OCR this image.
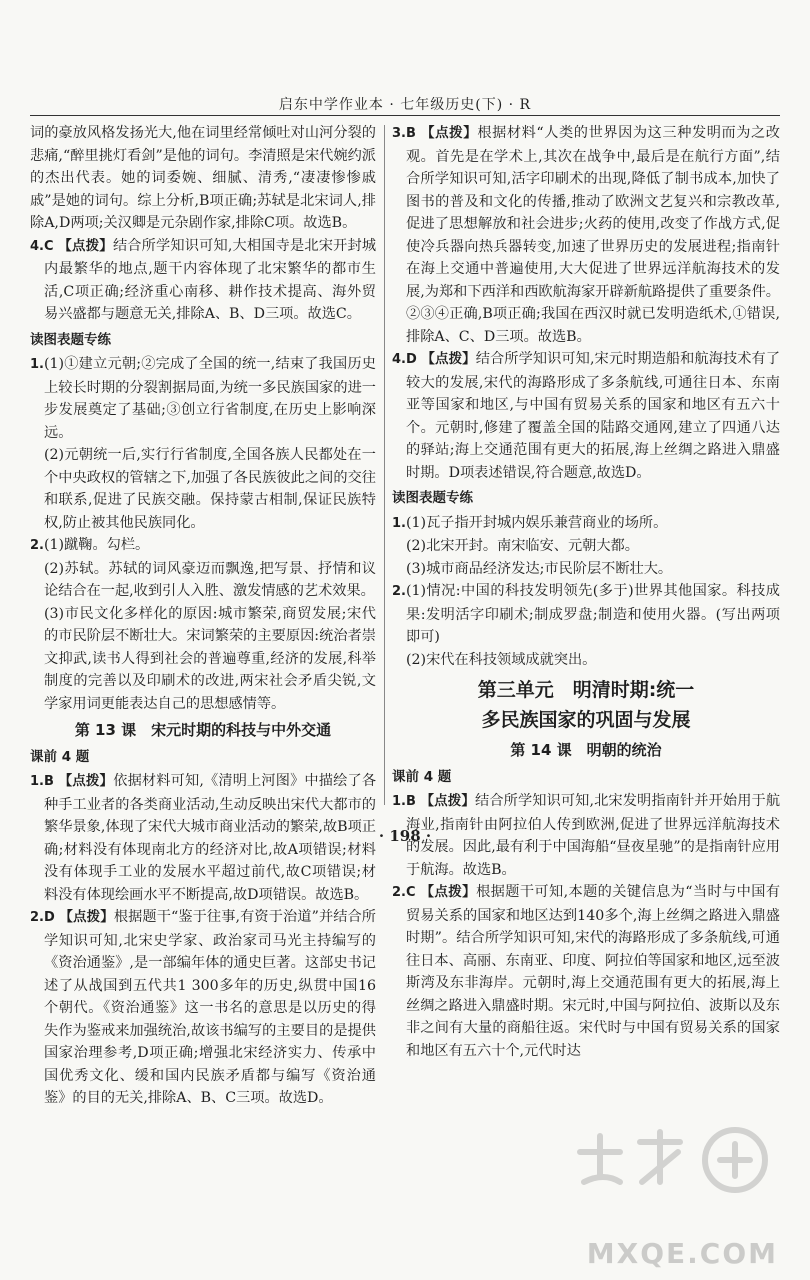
启东中学作业本 · 七年级历史(下) · R

词的豪放风格发扬光大,他在词里经常倾吐对山河分裂的悲痛,“醉里挑灯看剑”是他的词句。李清照是宋代婉约派的杰出代表。她的词委婉、细腻、清秀,“凄凄惨惨戚戚”是她的词句。综上分析,B项正确;苏轼是北宋词人,排除A,D两项;关汉卿是元杂剧作家,排除C项。故选B。

4.C 【点拨】结合所学知识可知,大相国寺是北宋开封城内最繁华的地点,题干内容体现了北宋繁华的都市生活,C项正确;经济重心南移、耕作技术提高、海外贸易兴盛都与题意无关,排除A、B、D三项。故选C。

读图表题专练

1.(1)①建立元朝;②完成了全国的统一,结束了我国历史上较长时期的分裂割据局面,为统一多民族国家的进一步发展奠定了基础;③创立行省制度,在历史上影响深远。

(2)元朝统一后,实行行省制度,全国各族人民都处在一个中央政权的管辖之下,加强了各民族彼此之间的交往和联系,促进了民族交融。保持蒙古相制,保证民族特权,防止被其他民族同化。

2.(1)蹴鞠。勾栏。

(2)苏轼。苏轼的词风豪迈而飘逸,把写景、抒情和议论结合在一起,收到引人入胜、激发情感的艺术效果。

(3)市民文化多样化的原因:城市繁荣,商贸发展;宋代的市民阶层不断壮大。宋词繁荣的主要原因:统治者崇文抑武,读书人得到社会的普遍尊重,经济的发展,科举制度的完善以及印刷术的改进,两宋社会矛盾尖锐,文学家用词更能表达自己的思想感情等。

第 13 课　宋元时期的科技与中外交通
课前 4 题

1.B 【点拨】依据材料可知,《清明上河图》中描绘了各种手工业者的各类商业活动,生动反映出宋代大都市的繁华景象,体现了宋代大城市商业活动的繁荣,故B项正确;材料没有体现南北方的经济对比,故A项错误;材料没有体现手工业的发展水平超过前代,故C项错误;材料没有体现绘画水平不断提高,故D项错误。故选B。

2.D 【点拨】根据题干“鉴于往事,有资于治道”并结合所学知识可知,北宋史学家、政治家司马光主持编写的《资治通鉴》,是一部编年体的通史巨著。这部史书记述了从战国到五代共1 300多年的历史,纵贯中国16个朝代。《资治通鉴》这一书名的意思是以历史的得失作为鉴戒来加强统治,故该书编写的主要目的是提供国家治理参考,D项正确;增强北宋经济实力、传承中国优秀文化、缓和国内民族矛盾都与编写《资治通鉴》的目的无关,排除A、B、C三项。故选D。

3.B 【点拨】根据材料“人类的世界因为这三种发明而为之改观。首先是在学术上,其次在战争中,最后是在航行方面”,结合所学知识可知,活字印刷术的出现,降低了制书成本,加快了图书的普及和文化的传播,推动了欧洲文艺复兴和宗教改革,促进了思想解放和社会进步;火药的使用,改变了作战方式,促使冷兵器向热兵器转变,加速了世界历史的发展进程;指南针在海上交通中普遍使用,大大促进了世界远洋航海技术的发展,为郑和下西洋和西欧航海家开辟新航路提供了重要条件。②③④正确,B项正确;我国在西汉时就已发明造纸术,①错误,排除A、C、D三项。故选B。

4.D 【点拨】结合所学知识可知,宋元时期造船和航海技术有了较大的发展,宋代的海路形成了多条航线,可通往日本、东南亚等国家和地区,与中国有贸易关系的国家和地区有五六十个。元朝时,修建了覆盖全国的陆路交通网,建立了四通八达的驿站;海上交通范围有更大的拓展,海上丝绸之路进入鼎盛时期。D项表述错误,符合题意,故选D。

读图表题专练

1.(1)瓦子指开封城内娱乐兼营商业的场所。

(2)北宋开封。南宋临安、元朝大都。

(3)城市商品经济发达;市民阶层不断壮大。

2.(1)情况:中国的科技发明领先(多于)世界其他国家。科技成果:发明活字印刷术;制成罗盘;制造和使用火器。(写出两项即可)

(2)宋代在科技领域成就突出。

第三单元　明清时期:统一
多民族国家的巩固与发展
第 14 课　明朝的统治
课前 4 题

1.B 【点拨】结合所学知识可知,北宋发明指南针并开始用于航海业,指南针由阿拉伯人传到欧洲,促进了世界远洋航海技术的发展。因此,最有利于中国海船“昼夜星驰”的是指南针应用于航海。故选B。

2.C 【点拨】根据题干可知,本题的关键信息为“当时与中国有贸易关系的国家和地区达到140多个,海上丝绸之路进入鼎盛时期”。结合所学知识可知,宋代的海路形成了多条航线,可通往日本、高丽、东南亚、印度、阿拉伯等国家和地区,远至波斯湾及东非海岸。元朝时,海上交通范围有更大的拓展,海上丝绸之路进入鼎盛时期。宋元时,中国与阿拉伯、波斯以及东非之间有大量的商船往返。宋代时与中国有贸易关系的国家和地区有五六十个,元代时达

· 198 ·
MXQE.COM
